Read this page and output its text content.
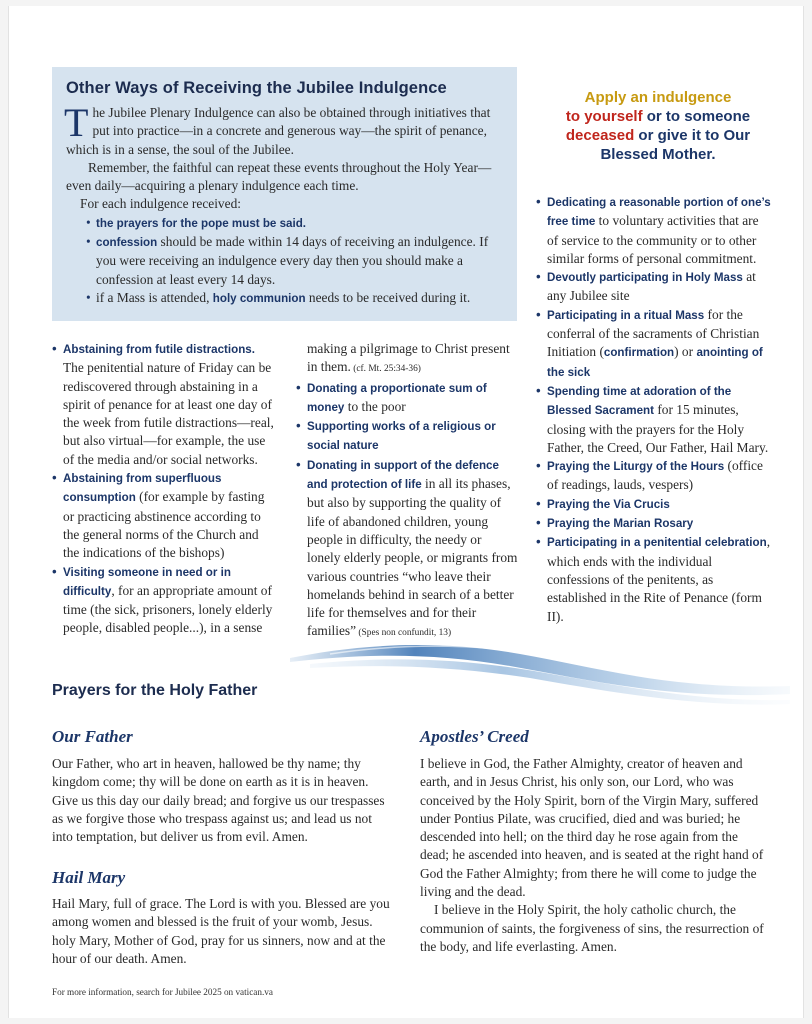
Other Ways of Receiving the Jubilee Indulgence

The Jubilee Plenary Indulgence can also be obtained through initiatives that put into practice—in a concrete and generous way—the spirit of penance, which is in a sense, the soul of the Jubilee.

Remember, the faithful can repeat these events throughout the Holy Year—even daily—acquiring a plenary indulgence each time.

For each indulgence received:

• the prayers for the pope must be said.
• confession should be made within 14 days of receiving an indulgence. If you were receiving an indulgence every day then you should make a confession at least every 14 days.
• if a Mass is attended, holy communion needs to be received during it.
Apply an indulgence
to yourself or to someone
deceased or give it to Our Blessed Mother.
• Abstaining from futile distractions. The penitential nature of Friday can be rediscovered through abstaining in a spirit of penance for at least one day of the week from futile distractions—real, but also virtual—for example, the use of the media and/or social networks.
• Abstaining from superfluous consumption (for example by fasting or practicing abstinence according to the general norms of the Church and the indications of the bishops)
• Visiting someone in need or in difficulty, for an appropriate amount of time (the sick, prisoners, lonely elderly people, disabled people...), in a sense
making a pilgrimage to Christ present in them. (cf. Mt. 25:34-36)
• Donating a proportionate sum of money to the poor
• Supporting works of a religious or social nature
• Donating in support of the defence and protection of life in all its phases, but also by supporting the quality of life of abandoned children, young people in difficulty, the needy or lonely elderly people, or migrants from various countries “who leave their homelands behind in search of a better life for themselves and for their families” (Spes non confundit, 13)
• Dedicating a reasonable portion of one’s free time to voluntary activities that are of service to the community or to other similar forms of personal commitment.
• Devoutly participating in Holy Mass at any Jubilee site
• Participating in a ritual Mass for the conferral of the sacraments of Christian Initiation (confirmation) or anointing of the sick
• Spending time at adoration of the Blessed Sacrament for 15 minutes, closing with the prayers for the Holy Father, the Creed, Our Father, Hail Mary.
• Praying the Liturgy of the Hours (office of readings, lauds, vespers)
• Praying the Via Crucis
• Praying the Marian Rosary
• Participating in a penitential celebration, which ends with the individual confessions of the penitents, as established in the Rite of Penance (form II).
Prayers for the Holy Father
Our Father

Our Father, who art in heaven, hallowed be thy name; thy kingdom come; thy will be done on earth as it is in heaven. Give us this day our daily bread; and forgive us our trespasses as we forgive those who trespass against us; and lead us not into temptation, but deliver us from evil. Amen.

Hail Mary

Hail Mary, full of grace. The Lord is with you. Blessed are you among women and blessed is the fruit of your womb, Jesus. holy Mary, Mother of God, pray for us sinners, now and at the hour of our death. Amen.

Apostles’ Creed
I believe in God, the Father Almighty, creator of heaven and earth, and in Jesus Christ, his only son, our Lord, who was conceived by the Holy Spirit, born of the Virgin Mary, suffered under Pontius Pilate, was crucified, died and was buried; he descended into hell; on the third day he rose again from the dead; he ascended into heaven, and is seated at the right hand of God the Father Almighty; from there he will come to judge the living and the dead.
I believe in the Holy Spirit, the holy catholic church, the communion of saints, the forgiveness of sins, the resurrection of the body, and life everlasting. Amen.
For more information, search for Jubilee 2025 on vatican.va
